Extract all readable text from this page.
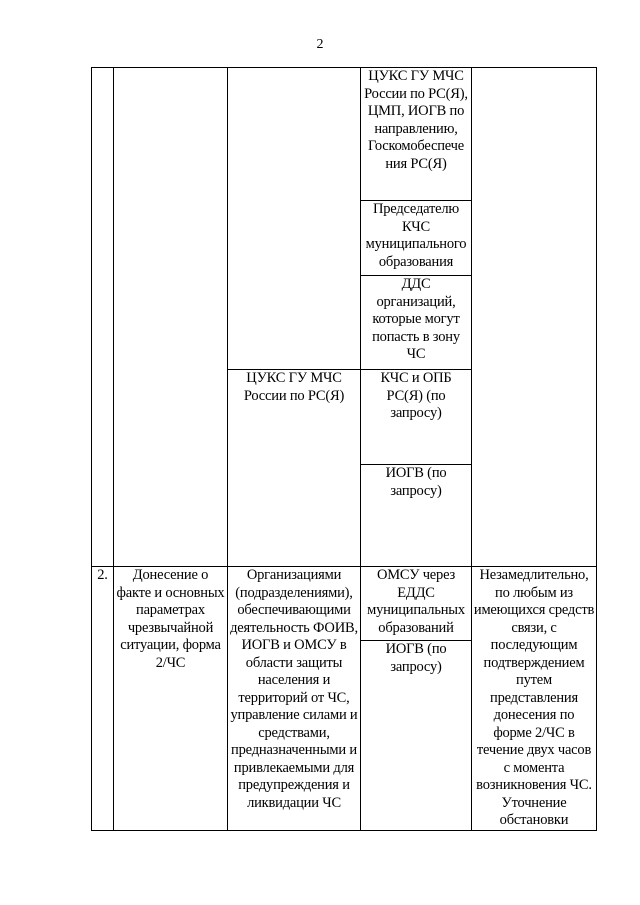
2
			ЦУКС ГУ МЧС России по РС(Я), ЦМП, ИОГВ по направлению, Госкомобеспече ния РС(Я)	
			Председателю КЧС муниципального образования	
			ДДС организаций, которые могут попасть в зону ЧС	
		ЦУКС ГУ МЧС России по РС(Я)	КЧС и ОПБ РС(Я) (по запросу)	
			ИОГВ (по запросу)	
2.	Донесение о факте и основных параметрах чрезвычайной ситуации, форма 2/ЧС	Организациями (подразделениями), обеспечивающими деятельность ФОИВ, ИОГВ и ОМСУ в области защиты населения и территорий от ЧС, управление силами и средствами, предназначенными и привлекаемыми для предупреждения и ликвидации ЧС	ОМСУ через ЕДДС муниципальных образований	Незамедлительно, по любым из имеющихся средств связи, с последующим подтверждением путем представления донесения по форме 2/ЧС в течение двух часов с момента возникновения ЧС. Уточнение обстановки
			ИОГВ (по запросу)	
